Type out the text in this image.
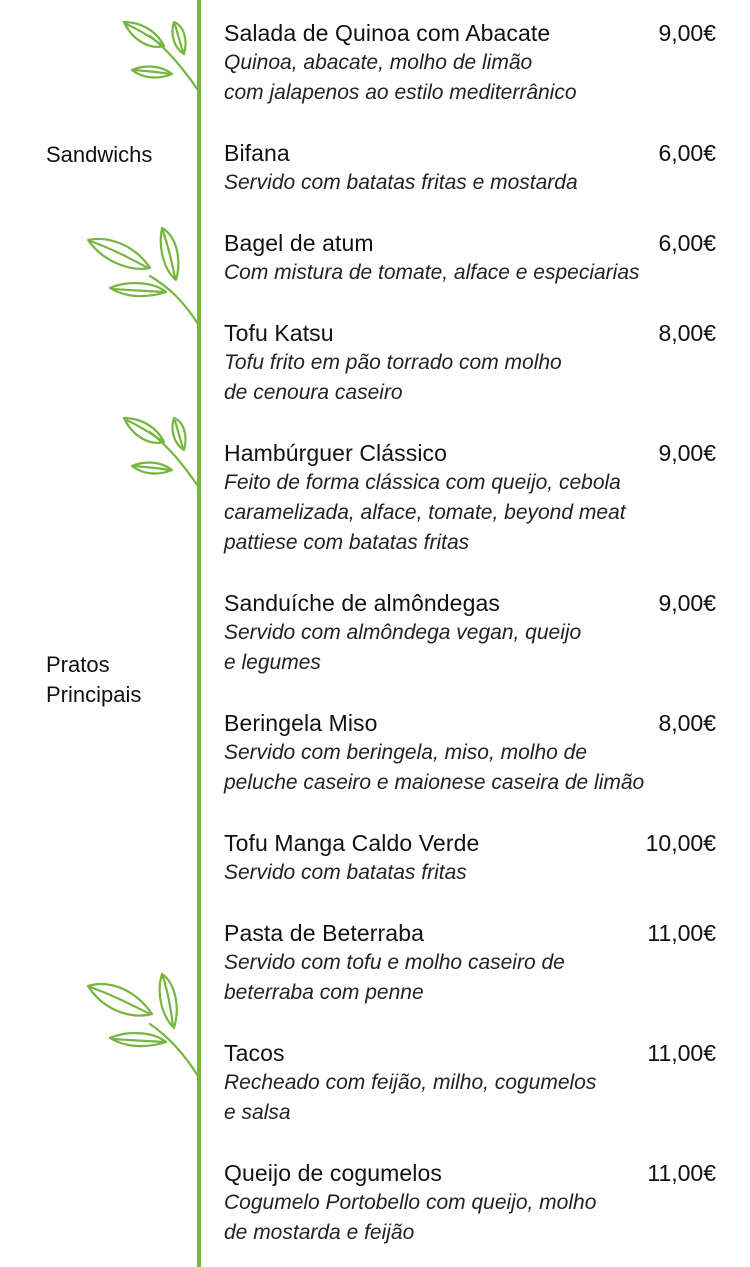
Sandwichs
Pratos
Principais
Salada de Quinoa com Abacate	9,00€
Quinoa, abacate, molho de limão
com jalapenos ao estilo mediterrânico
Bifana	6,00€
Servido com batatas fritas e mostarda
Bagel de atum	6,00€
Com mistura de tomate, alface e especiarias
Tofu Katsu	8,00€
Tofu frito em pão torrado com molho
de cenoura caseiro
Hambúrguer Clássico	9,00€
Feito de forma clássica com queijo, cebola
caramelizada, alface, tomate, beyond meat
pattiese com batatas fritas
Sanduíche de almôndegas	9,00€
Servido com almôndega vegan, queijo
e legumes
Beringela Miso	8,00€
Servido com beringela, miso, molho de
peluche caseiro e maionese caseira de limão
Tofu Manga Caldo Verde	10,00€
Servido com batatas fritas
Pasta de Beterraba	11,00€
Servido com tofu e molho caseiro de
beterraba com penne
Tacos	11,00€
Recheado com feijão, milho, cogumelos
e salsa
Queijo de cogumelos	11,00€
Cogumelo Portobello com queijo, molho
de mostarda e feijão
